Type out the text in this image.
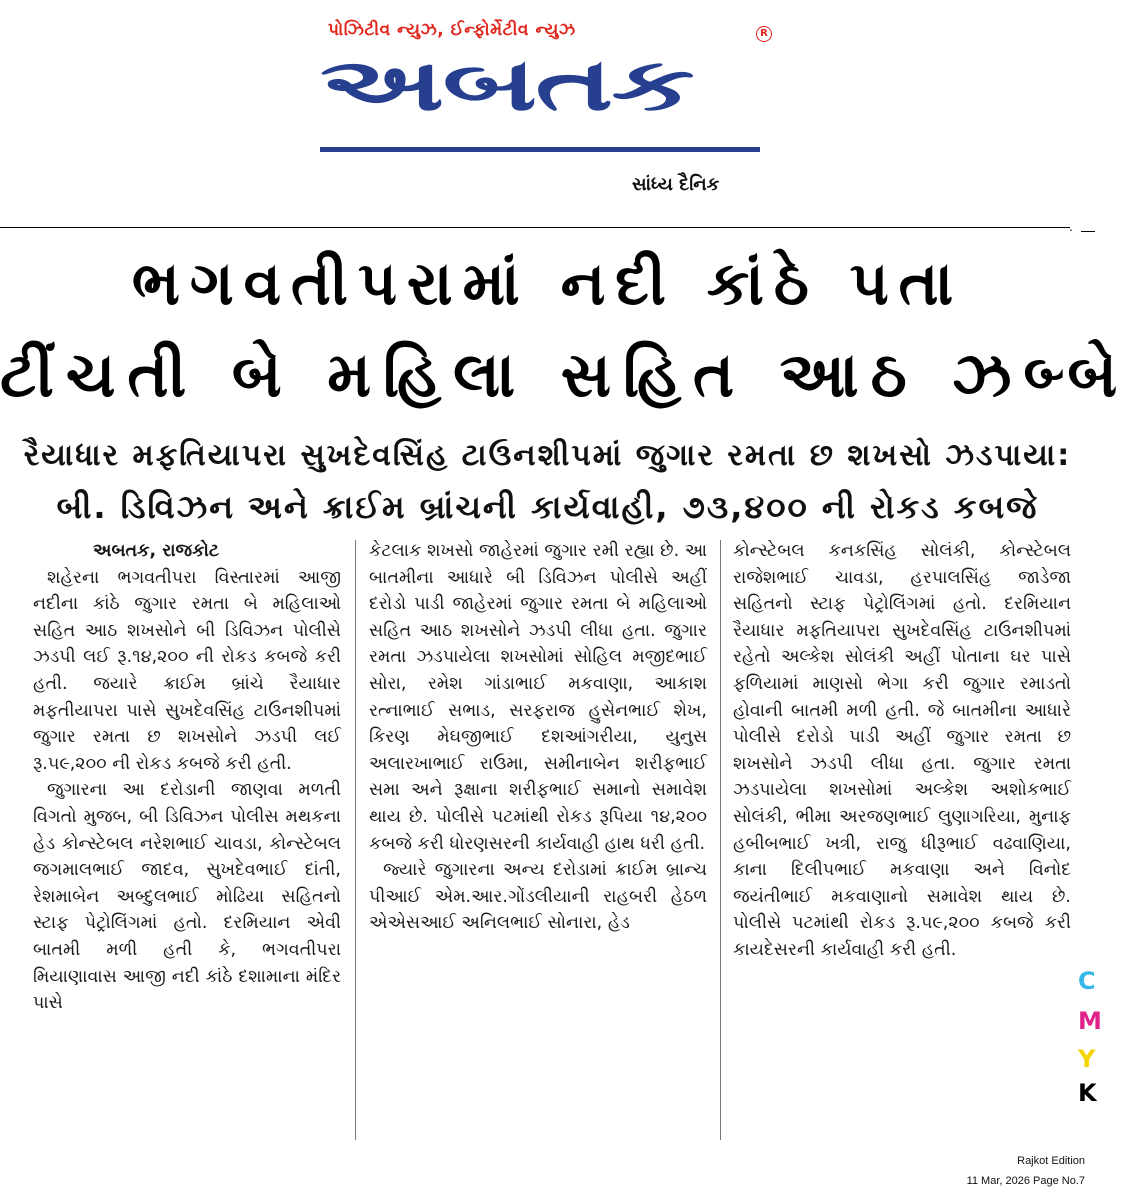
પોઝિટીવ ન્યુઝ, ઈન્ફોર્મેટીવ ન્યુઝ	R
અબતક
સાંધ્ય દૈનિક
.
ભગવતીપરામાં નદી કાંઠે પતા
ટીંચતી બે મહિલા સહિત આઠ ઝબ્બે
રૈયાધાર મફતિયાપરા સુખદેવસિંહ ટાઉનશીપમાં જુગાર રમતા છ શખસો ઝડપાયા:
બી. ડિવિઝન અને ક્રાઈમ બ્રાંચની કાર્યવાહી, ૭૩,૪૦૦ ની રોકડ કબજે

અબતક, રાજકોટ

શહેરના ભગવતીપરા વિસ્તારમાં આજી નદીના કાંઠે જુગાર રમતા બે મહિલાઓ સહિત આઠ શખસોને બી ડિવિઝન પોલીસે ઝડપી લઈ રૂ.૧૪,૨૦૦ ની રોકડ કબજે કરી હતી. જયારે ક્રાઈમ બ્રાંચે રૈયાધાર મફતીયાપરા પાસે સુખદેવસિંહ ટાઉનશીપમાં જુગાર રમતા છ શખસોને ઝડપી લઈ રૂ.૫૯,૨૦૦ ની રોકડ કબજે કરી હતી.

જુગારના આ દરોડાની જાણવા મળતી વિગતો મુજબ, બી ડિવિઝન પોલીસ મથકના હેડ કોન્સ્ટેબલ નરેશભાઈ ચાવડા, કોન્સ્ટેબલ જગમાલભાઈ જાદવ, સુખદેવભાઈ દાંતી, રેશમાબેન અબ્દુલભાઈ મોઢિયા સહિતનો સ્ટાફ પેટ્રોલિંગમાં હતો. દરમિયાન એવી બાતમી મળી હતી કે, ભગવતીપરા મિયાણાવાસ આજી નદી કાંઠે દશામાના મંદિર પાસે

કેટલાક શખસો જાહેરમાં જુગાર રમી રહ્યા છે. આ બાતમીના આધારે બી ડિવિઝન પોલીસે અહીં દરોડો પાડી જાહેરમાં જુગાર રમતા બે મહિલાઓ સહિત આઠ શખસોને ઝડપી લીધા હતા. જુગાર રમતા ઝડપાયેલા શખસોમાં સોહિલ મજીદભાઈ સોરા, રમેશ ગાંડાભાઈ મકવાણા, આકાશ રત્નાભાઈ સભાડ, સરફરાજ હુસેનભાઈ શેખ, કિરણ મેઘજીભાઈ દશઆંગરીયા, યુનુસ અલારખાભાઈ રાઉમા, સમીનાબેન શરીફભાઈ સમા અને રૂક્ષાના શરીફભાઈ સમાનો સમાવેશ થાય છે. પોલીસે પટમાંથી રોકડ રૂપિયા ૧૪,૨૦૦ કબજે કરી ધોરણસરની કાર્યવાહી હાથ ધરી હતી.

જ્યારે જુગારના અન્ય દરોડામાં ક્રાઈમ બ્રાન્ચ પીઆઈ એમ.આર.ગોંડલીયાની રાહબરી હેઠળ એએસઆઈ અનિલભાઈ સોનારા, હેડ

કોન્સ્ટેબલ કનકસિંહ સોલંકી, કોન્સ્ટેબલ રાજેશભાઈ ચાવડા, હરપાલસિંહ જાડેજા સહિતનો સ્ટાફ પેટ્રોલિંગમાં હતો. દરમિયાન રૈયાધાર મફતિયાપરા સુખદેવસિંહ ટાઉનશીપમાં રહેતો અલ્કેશ સોલંકી અહીં પોતાના ઘર પાસે ફળિયામાં માણસો ભેગા કરી જુગાર રમાડતો હોવાની બાતમી મળી હતી. જે બાતમીના આધારે પોલીસે દરોડો પાડી અહીં જુગાર રમતા છ શખસોને ઝડપી લીધા હતા. જુગાર રમતા ઝડપાયેલા શખસોમાં અલ્કેશ અશોકભાઈ સોલંકી, ભીમા અરજણભાઈ લુણાગરિયા, મુનાફ હબીબભાઈ ખત્રી, રાજુ ધીરૂભાઈ વઢવાણિયા, કાના દિલીપભાઈ મકવાણા અને વિનોદ જયંતીભાઈ મકવાણાનો સમાવેશ થાય છે. પોલીસે પટમાંથી રોકડ રૂ.૫૯,૨૦૦ કબજે કરી કાયદેસરની કાર્યવાહી કરી હતી.

C
M
Y
K
Rajkot Edition
11 Mar, 2026 Page No.7
